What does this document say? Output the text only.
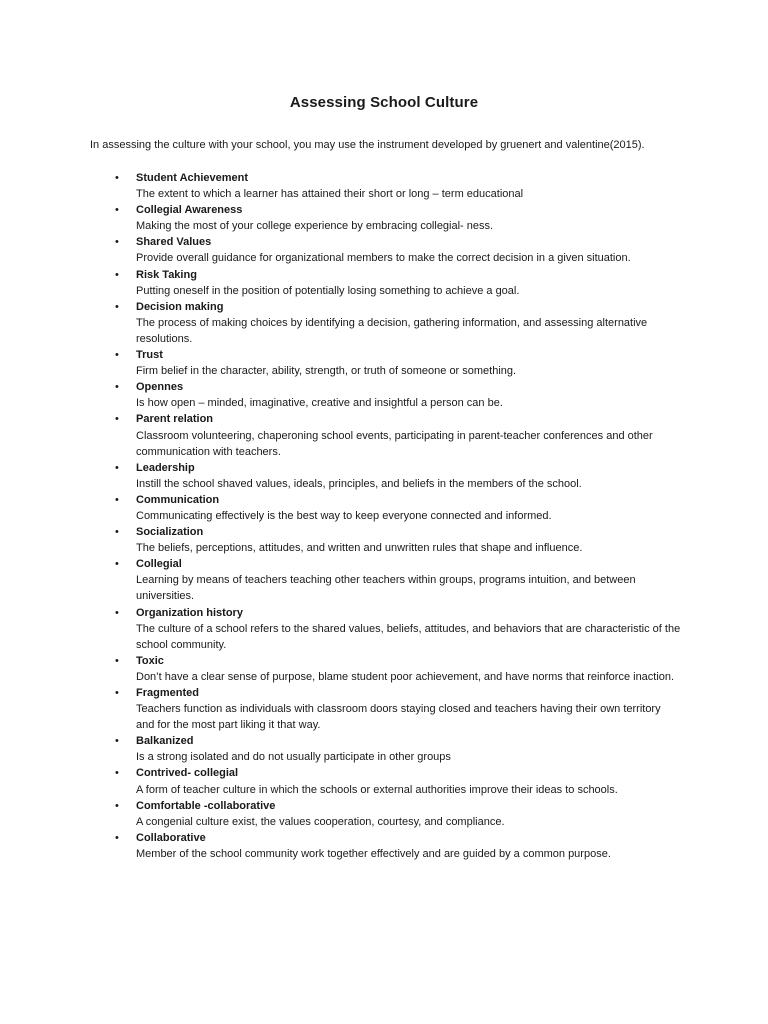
Assessing School Culture
In assessing the culture with your school, you may use the instrument developed by gruenert and valentine(2015).
• Student Achievement
The extent to which a learner has attained their short or long – term educational
• Collegial Awareness
Making the most of your college experience by embracing collegial- ness.
• Shared Values
Provide overall guidance for organizational members to make the correct decision in a given situation.
• Risk Taking
Putting oneself in the position of potentially losing something to achieve a goal.
• Decision making
The process of making choices by identifying a decision, gathering information, and assessing alternative resolutions.
• Trust
Firm belief in the character, ability, strength, or truth of someone or something.
• Opennes
Is how open – minded, imaginative, creative and insightful a person can be.
• Parent relation
Classroom volunteering, chaperoning school events, participating in parent-teacher conferences and other communication with teachers.
• Leadership
Instill the school shaved values, ideals, principles, and beliefs in the members of the school.
• Communication
Communicating effectively is the best way to keep everyone connected and informed.
• Socialization
The beliefs, perceptions, attitudes, and written and unwritten rules that shape and influence.
• Collegial
Learning by means of teachers teaching other teachers within groups, programs intuition, and between universities.
• Organization history
The culture of a school refers to the shared values, beliefs, attitudes, and behaviors that are characteristic of the school community.
• Toxic
Don’t have a clear sense of purpose, blame student poor achievement, and have norms that reinforce inaction.
• Fragmented
Teachers function as individuals with classroom doors staying closed and teachers having their own territory and for the most part liking it that way.
• Balkanized
Is a strong isolated and do not usually participate in other groups
• Contrived- collegial
A form of teacher culture in which the schools or external authorities improve their ideas to schools.
• Comfortable -collaborative
A congenial culture exist, the values cooperation, courtesy, and compliance.
• Collaborative
Member of the school community work together effectively and are guided by a common purpose.
